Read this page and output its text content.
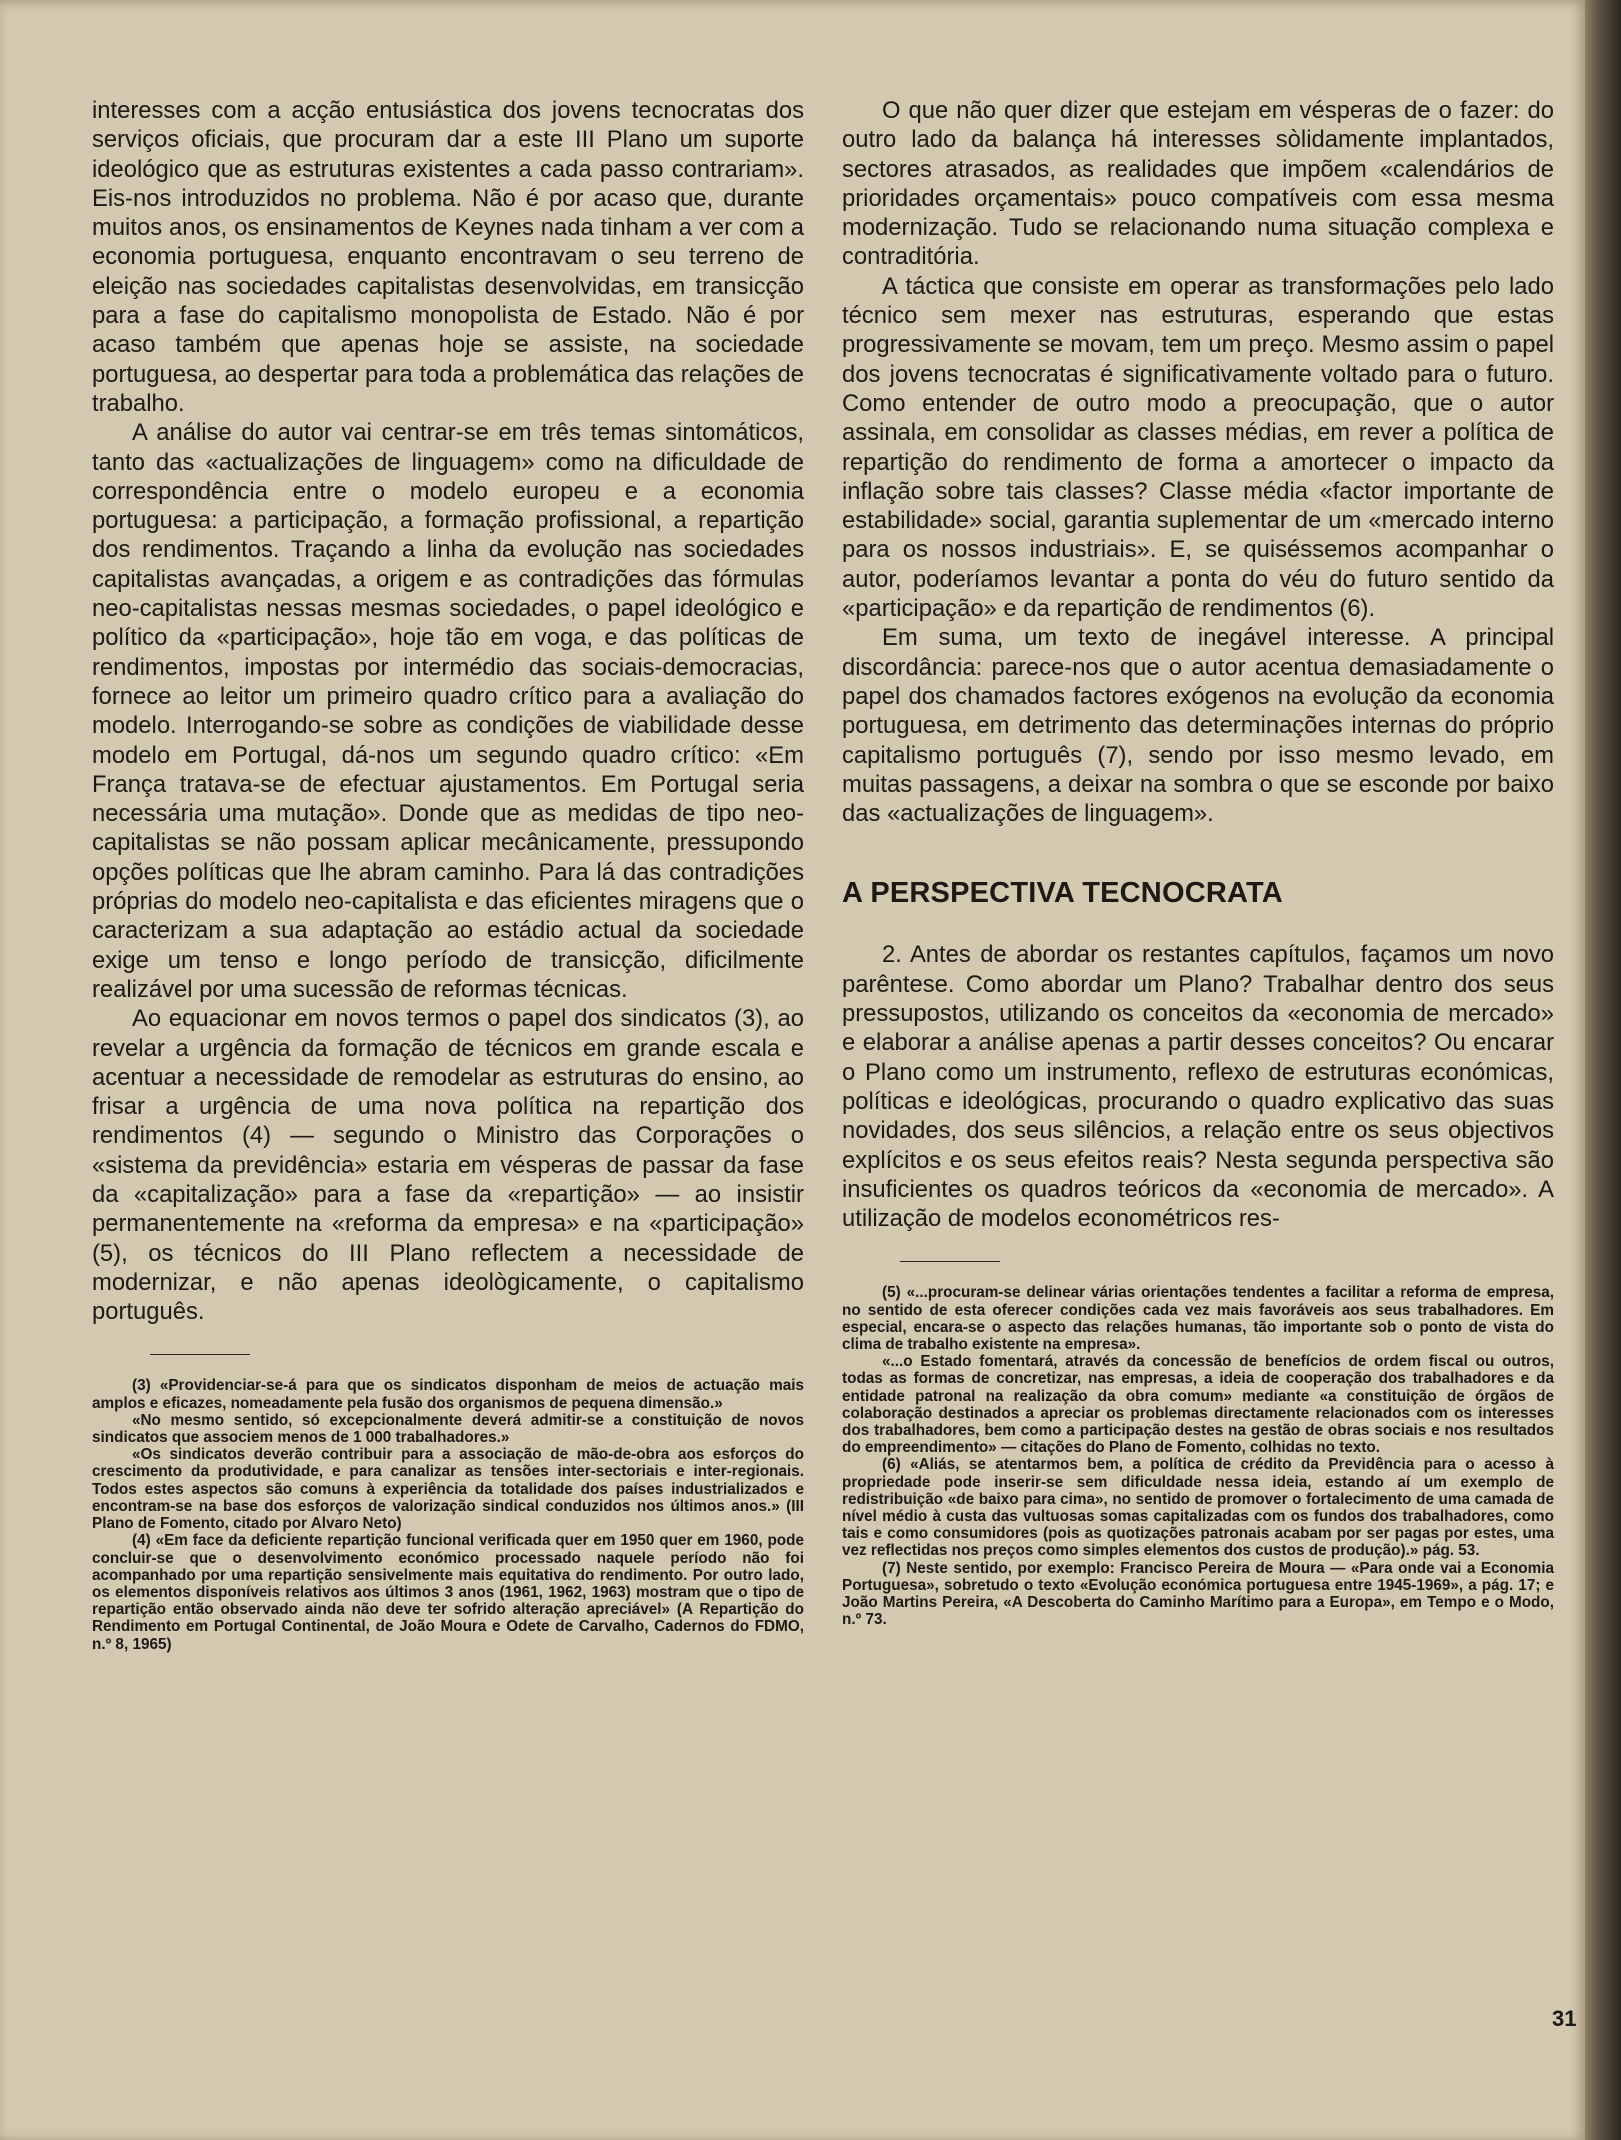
interesses com a acção entusiástica dos jovens tecnocratas dos serviços oficiais, que procuram dar a este III Plano um suporte ideológico que as estruturas existentes a cada passo contrariam». Eis-nos introduzidos no problema. Não é por acaso que, durante muitos anos, os ensinamentos de Keynes nada tinham a ver com a economia portuguesa, enquanto encontravam o seu terreno de eleição nas sociedades capitalistas desenvolvidas, em transicção para a fase do capitalismo monopolista de Estado. Não é por acaso também que apenas hoje se assiste, na sociedade portuguesa, ao despertar para toda a problemática das relações de trabalho.

A análise do autor vai centrar-se em três temas sintomáticos, tanto das «actualizações de linguagem» como na dificuldade de correspondência entre o modelo europeu e a economia portuguesa: a participação, a formação profissional, a repartição dos rendimentos. Traçando a linha da evolução nas sociedades capitalistas avançadas, a origem e as contradições das fórmulas neo-capitalistas nessas mesmas sociedades, o papel ideológico e político da «participação», hoje tão em voga, e das políticas de rendimentos, impostas por intermédio das sociais-democracias, fornece ao leitor um primeiro quadro crítico para a avaliação do modelo. Interrogando-se sobre as condições de viabilidade desse modelo em Portugal, dá-nos um segundo quadro crítico: «Em França tratava-se de efectuar ajustamentos. Em Portugal seria necessária uma mutação». Donde que as medidas de tipo neo-capitalistas se não possam aplicar mecânicamente, pressupondo opções políticas que lhe abram caminho. Para lá das contradições próprias do modelo neo-capitalista e das eficientes miragens que o caracterizam a sua adaptação ao estádio actual da sociedade exige um tenso e longo período de transicção, dificilmente realizável por uma sucessão de reformas técnicas.

Ao equacionar em novos termos o papel dos sindicatos (3), ao revelar a urgência da formação de técnicos em grande escala e acentuar a necessidade de remodelar as estruturas do ensino, ao frisar a urgência de uma nova política na repartição dos rendimentos (4) — segundo o Ministro das Corporações o «sistema da previdência» estaria em vésperas de passar da fase da «capitalização» para a fase da «repartição» — ao insistir permanentemente na «reforma da empresa» e na «participação» (5), os técnicos do III Plano reflectem a necessidade de modernizar, e não apenas ideològicamente, o capitalismo português.

(3) «Providenciar-se-á para que os sindicatos disponham de meios de actuação mais amplos e eficazes, nomeadamente pela fusão dos organismos de pequena dimensão.»

«No mesmo sentido, só excepcionalmente deverá admitir-se a constituição de novos sindicatos que associem menos de 1 000 trabalhadores.»

«Os sindicatos deverão contribuir para a associação de mão-de-obra aos esforços do crescimento da produtividade, e para canalizar as tensões inter-sectoriais e inter-regionais. Todos estes aspectos são comuns à experiência da totalidade dos países industrializados e encontram-se na base dos esforços de valorização sindical conduzidos nos últimos anos.» (III Plano de Fomento, citado por Alvaro Neto)

(4) «Em face da deficiente repartição funcional verificada quer em 1950 quer em 1960, pode concluir-se que o desenvolvimento económico processado naquele período não foi acompanhado por uma repartição sensivelmente mais equitativa do rendimento. Por outro lado, os elementos disponíveis relativos aos últimos 3 anos (1961, 1962, 1963) mostram que o tipo de repartição então observado ainda não deve ter sofrido alteração apreciável» (A Repartição do Rendimento em Portugal Continental, de João Moura e Odete de Carvalho, Cadernos do FDMO, n.º 8, 1965)

O que não quer dizer que estejam em vésperas de o fazer: do outro lado da balança há interesses sòlidamente implantados, sectores atrasados, as realidades que impõem «calendários de prioridades orçamentais» pouco compatíveis com essa mesma modernização. Tudo se relacionando numa situação complexa e contraditória.

A táctica que consiste em operar as transformações pelo lado técnico sem mexer nas estruturas, esperando que estas progressivamente se movam, tem um preço. Mesmo assim o papel dos jovens tecnocratas é significativamente voltado para o futuro. Como entender de outro modo a preocupação, que o autor assinala, em consolidar as classes médias, em rever a política de repartição do rendimento de forma a amortecer o impacto da inflação sobre tais classes? Classe média «factor importante de estabilidade» social, garantia suplementar de um «mercado interno para os nossos industriais». E, se quiséssemos acompanhar o autor, poderíamos levantar a ponta do véu do futuro sentido da «participação» e da repartição de rendimentos (6).

Em suma, um texto de inegável interesse. A principal discordância: parece-nos que o autor acentua demasiadamente o papel dos chamados factores exógenos na evolução da economia portuguesa, em detrimento das determinações internas do próprio capitalismo português (7), sendo por isso mesmo levado, em muitas passagens, a deixar na sombra o que se esconde por baixo das «actualizações de linguagem».

A PERSPECTIVA TECNOCRATA

2. Antes de abordar os restantes capítulos, façamos um novo parêntese. Como abordar um Plano? Trabalhar dentro dos seus pressupostos, utilizando os conceitos da «economia de mercado» e elaborar a análise apenas a partir desses conceitos? Ou encarar o Plano como um instrumento, reflexo de estruturas económicas, políticas e ideológicas, procurando o quadro explicativo das suas novidades, dos seus silêncios, a relação entre os seus objectivos explícitos e os seus efeitos reais? Nesta segunda perspectiva são insuficientes os quadros teóricos da «economia de mercado». A utilização de modelos econométricos res-

(5) «...procuram-se delinear várias orientações tendentes a facilitar a reforma de empresa, no sentido de esta oferecer condições cada vez mais favoráveis aos seus trabalhadores. Em especial, encara-se o aspecto das relações humanas, tão importante sob o ponto de vista do clima de trabalho existente na empresa».

«...o Estado fomentará, através da concessão de benefícios de ordem fiscal ou outros, todas as formas de concretizar, nas empresas, a ideia de cooperação dos trabalhadores e da entidade patronal na realização da obra comum» mediante «a constituição de órgãos de colaboração destinados a apreciar os problemas directamente relacionados com os interesses dos trabalhadores, bem como a participação destes na gestão de obras sociais e nos resultados do empreendimento» — citações do Plano de Fomento, colhidas no texto.

(6) «Aliás, se atentarmos bem, a política de crédito da Previdência para o acesso à propriedade pode inserir-se sem dificuldade nessa ideia, estando aí um exemplo de redistribuição «de baixo para cima», no sentido de promover o fortalecimento de uma camada de nível médio à custa das vultuosas somas capitalizadas com os fundos dos trabalhadores, como tais e como consumidores (pois as quotizações patronais acabam por ser pagas por estes, uma vez reflectidas nos preços como simples elementos dos custos de produção).» pág. 53.

(7) Neste sentido, por exemplo: Francisco Pereira de Moura — «Para onde vai a Economia Portuguesa», sobretudo o texto «Evolução económica portuguesa entre 1945-1969», a pág. 17; e João Martins Pereira, «A Descoberta do Caminho Marítimo para a Europa», em Tempo e o Modo, n.º 73.

31
